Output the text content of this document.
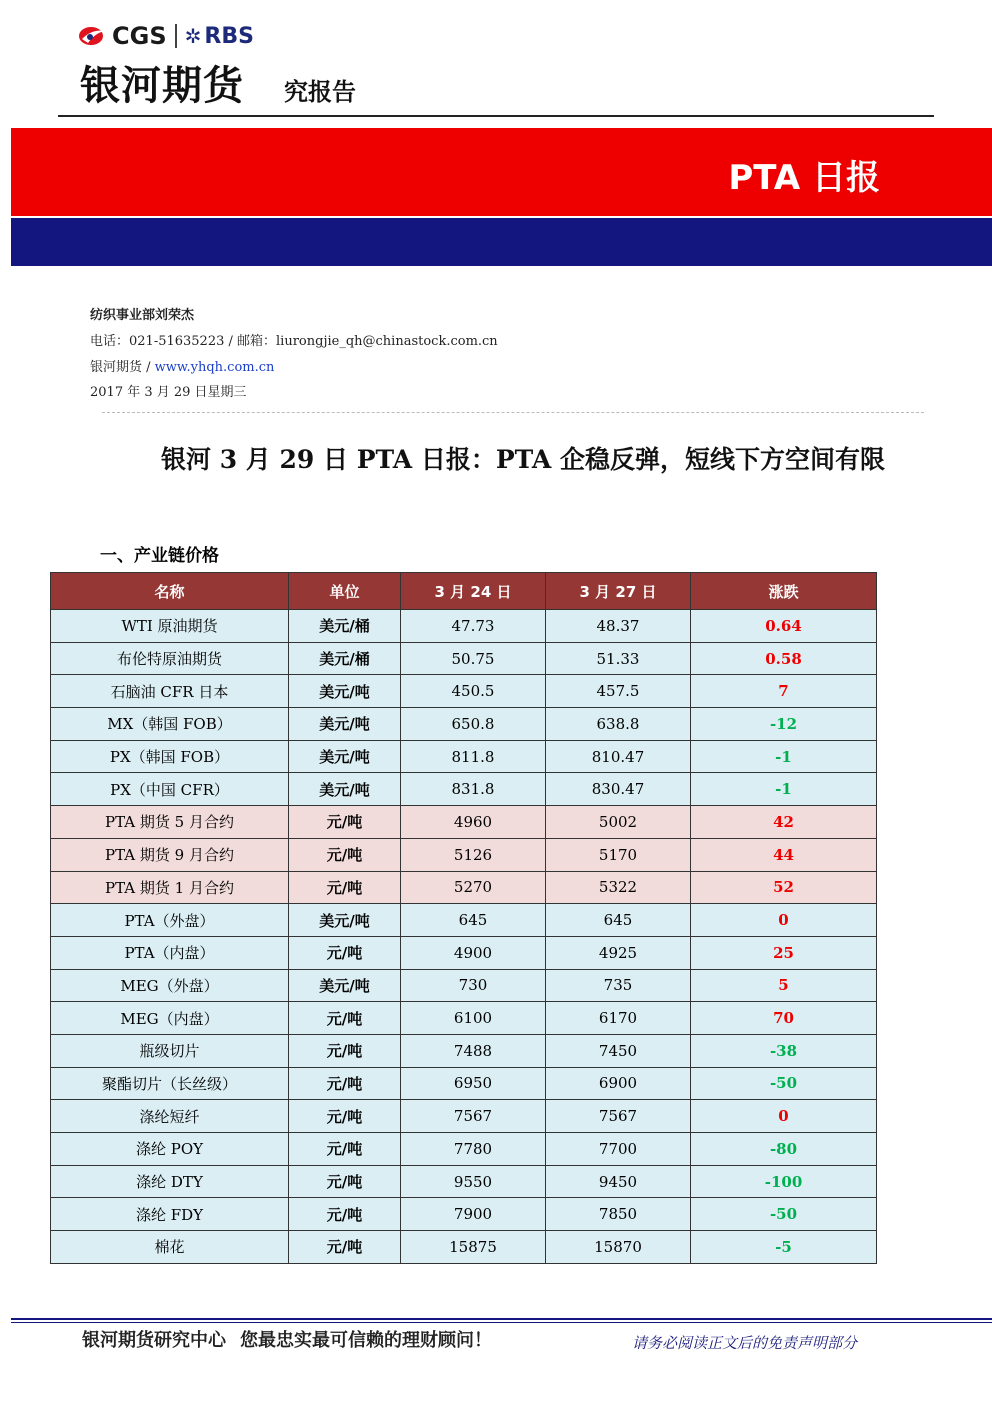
CGS ✲ RBS
银河期货 究报告
PTA 日报
纺织事业部刘荣杰
电话：021-51635223 / 邮箱：liurongjie_qh@chinastock.com.cn
银河期货 / www.yhqh.com.cn
2017 年 3 月 29 日星期三
银河 3 月 29 日 PTA 日报：PTA 企稳反弹，短线下方空间有限
一、产业链价格
名称	单位	3 月 24 日	3 月 27 日	涨跌
WTI 原油期货	美元/桶	47.73	48.37	0.64
布伦特原油期货	美元/桶	50.75	51.33	0.58
石脑油 CFR 日本	美元/吨	450.5	457.5	7
MX（韩国 FOB）	美元/吨	650.8	638.8	-12
PX（韩国 FOB）	美元/吨	811.8	810.47	-1
PX（中国 CFR）	美元/吨	831.8	830.47	-1
PTA 期货 5 月合约	元/吨	4960	5002	42
PTA 期货 9 月合约	元/吨	5126	5170	44
PTA 期货 1 月合约	元/吨	5270	5322	52
PTA（外盘）	美元/吨	645	645	0
PTA（内盘）	元/吨	4900	4925	25
MEG（外盘）	美元/吨	730	735	5
MEG（内盘）	元/吨	6100	6170	70
瓶级切片	元/吨	7488	7450	-38
聚酯切片（长丝级）	元/吨	6950	6900	-50
涤纶短纤	元/吨	7567	7567	0
涤纶 POY	元/吨	7780	7700	-80
涤纶 DTY	元/吨	9550	9450	-100
涤纶 FDY	元/吨	7900	7850	-50
棉花	元/吨	15875	15870	-5
银河期货研究中心 您最忠实最可信赖的理财顾问！	请务必阅读正文后的免责声明部分
